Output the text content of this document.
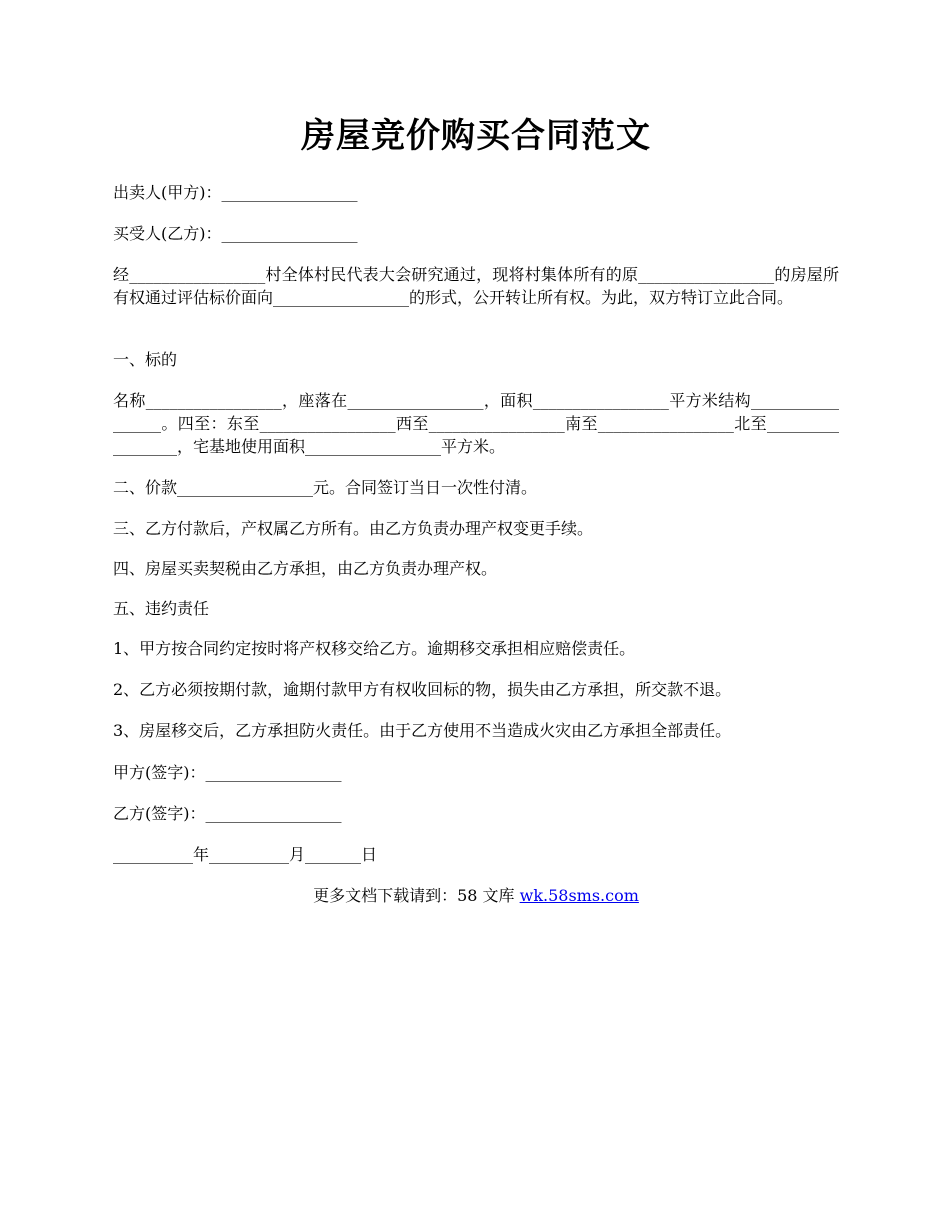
房屋竞价购买合同范文

出卖人(甲方)：_________________

买受人(乙方)：_________________

经_________________村全体村民代表大会研究通过，现将村集体所有的原_________________的房屋所有权通过评估标价面向_________________的形式，公开转让所有权。为此，双方特订立此合同。

一、标的

名称_________________，座落在_________________，面积_________________平方米结构_________________。四至：东至_________________西至_________________南至_________________北至_________________，宅基地使用面积_________________平方米。

二、价款_________________元。合同签订当日一次性付清。

三、乙方付款后，产权属乙方所有。由乙方负责办理产权变更手续。

四、房屋买卖契税由乙方承担，由乙方负责办理产权。

五、违约责任

1、甲方按合同约定按时将产权移交给乙方。逾期移交承担相应赔偿责任。

2、乙方必须按期付款，逾期付款甲方有权收回标的物，损失由乙方承担，所交款不退。

3、房屋移交后，乙方承担防火责任。由于乙方使用不当造成火灾由乙方承担全部责任。

甲方(签字)：_________________

乙方(签字)：_________________

__________年__________月_______日

更多文档下载请到：58 文库 wk.58sms.com
